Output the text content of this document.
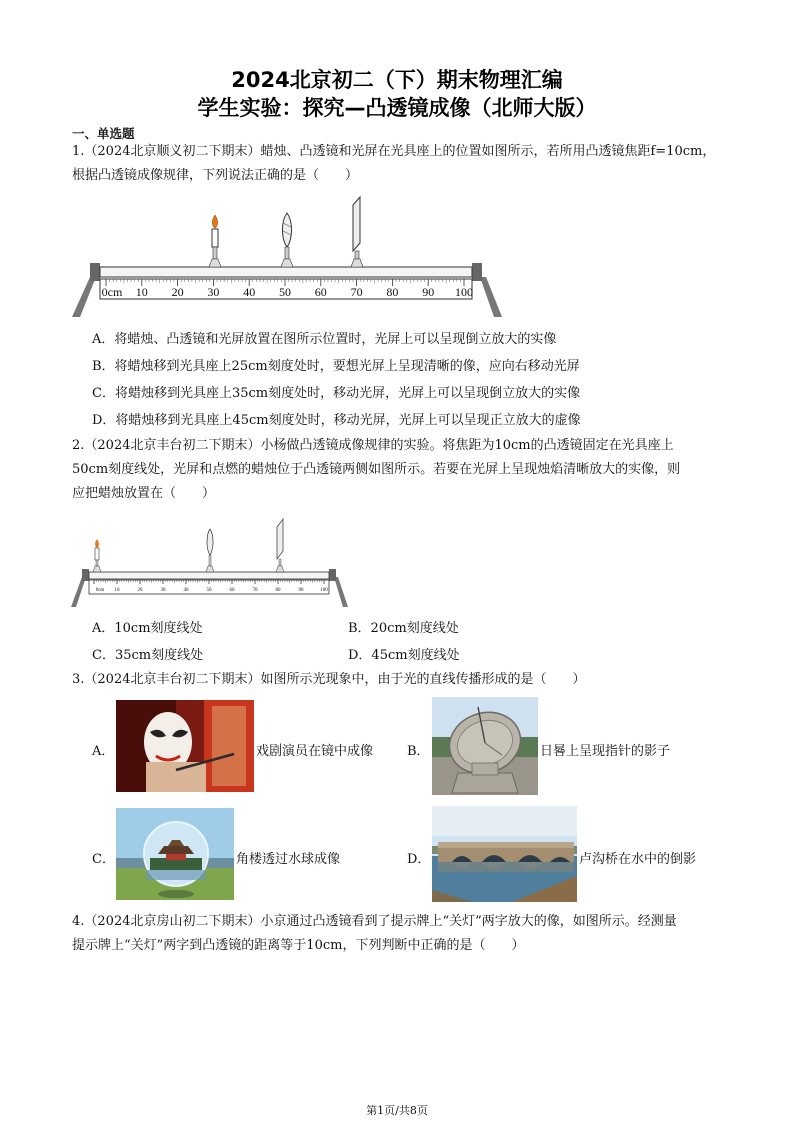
2024北京初二（下）期末物理汇编
学生实验：探究—凸透镜成像（北师大版）
一、单选题
1.（2024北京顺义初二下期末）蜡烛、凸透镜和光屏在光具座上的位置如图所示，若所用凸透镜焦距f=10cm，
根据凸透镜成像规律，下列说法正确的是（　　）
0cm 10 20 30 40 50 60 70 80 90 100
A．将蜡烛、凸透镜和光屏放置在图所示位置时，光屏上可以呈现倒立放大的实像
B．将蜡烛移到光具座上25cm刻度处时，要想光屏上呈现清晰的像，应向右移动光屏
C．将蜡烛移到光具座上35cm刻度处时，移动光屏，光屏上可以呈现倒立放大的实像
D．将蜡烛移到光具座上45cm刻度处时，移动光屏，光屏上可以呈现正立放大的虚像
2.（2024北京丰台初二下期末）小杨做凸透镜成像规律的实验。将焦距为10cm的凸透镜固定在光具座上
50cm刻度线处，光屏和点燃的蜡烛位于凸透镜两侧如图所示。若要在光屏上呈现烛焰清晰放大的实像，则
应把蜡烛放置在（　　）
0cm 10	20	30	40	50	60	70	80	90	100
A．10cm刻度线处	B．20cm刻度线处
C．35cm刻度线处	D．45cm刻度线处
3.（2024北京丰台初二下期末）如图所示光现象中，由于光的直线传播形成的是（　　）
A．	戏剧演员在镜中成像	B．	日晷上呈现指针的影子
C．	角楼透过水球成像	D．	卢沟桥在水中的倒影
4.（2024北京房山初二下期末）小京通过凸透镜看到了提示牌上“关灯”两字放大的像，如图所示。经测量
提示牌上“关灯”两字到凸透镜的距离等于10cm，下列判断中正确的是（　　）
第1页/共8页
